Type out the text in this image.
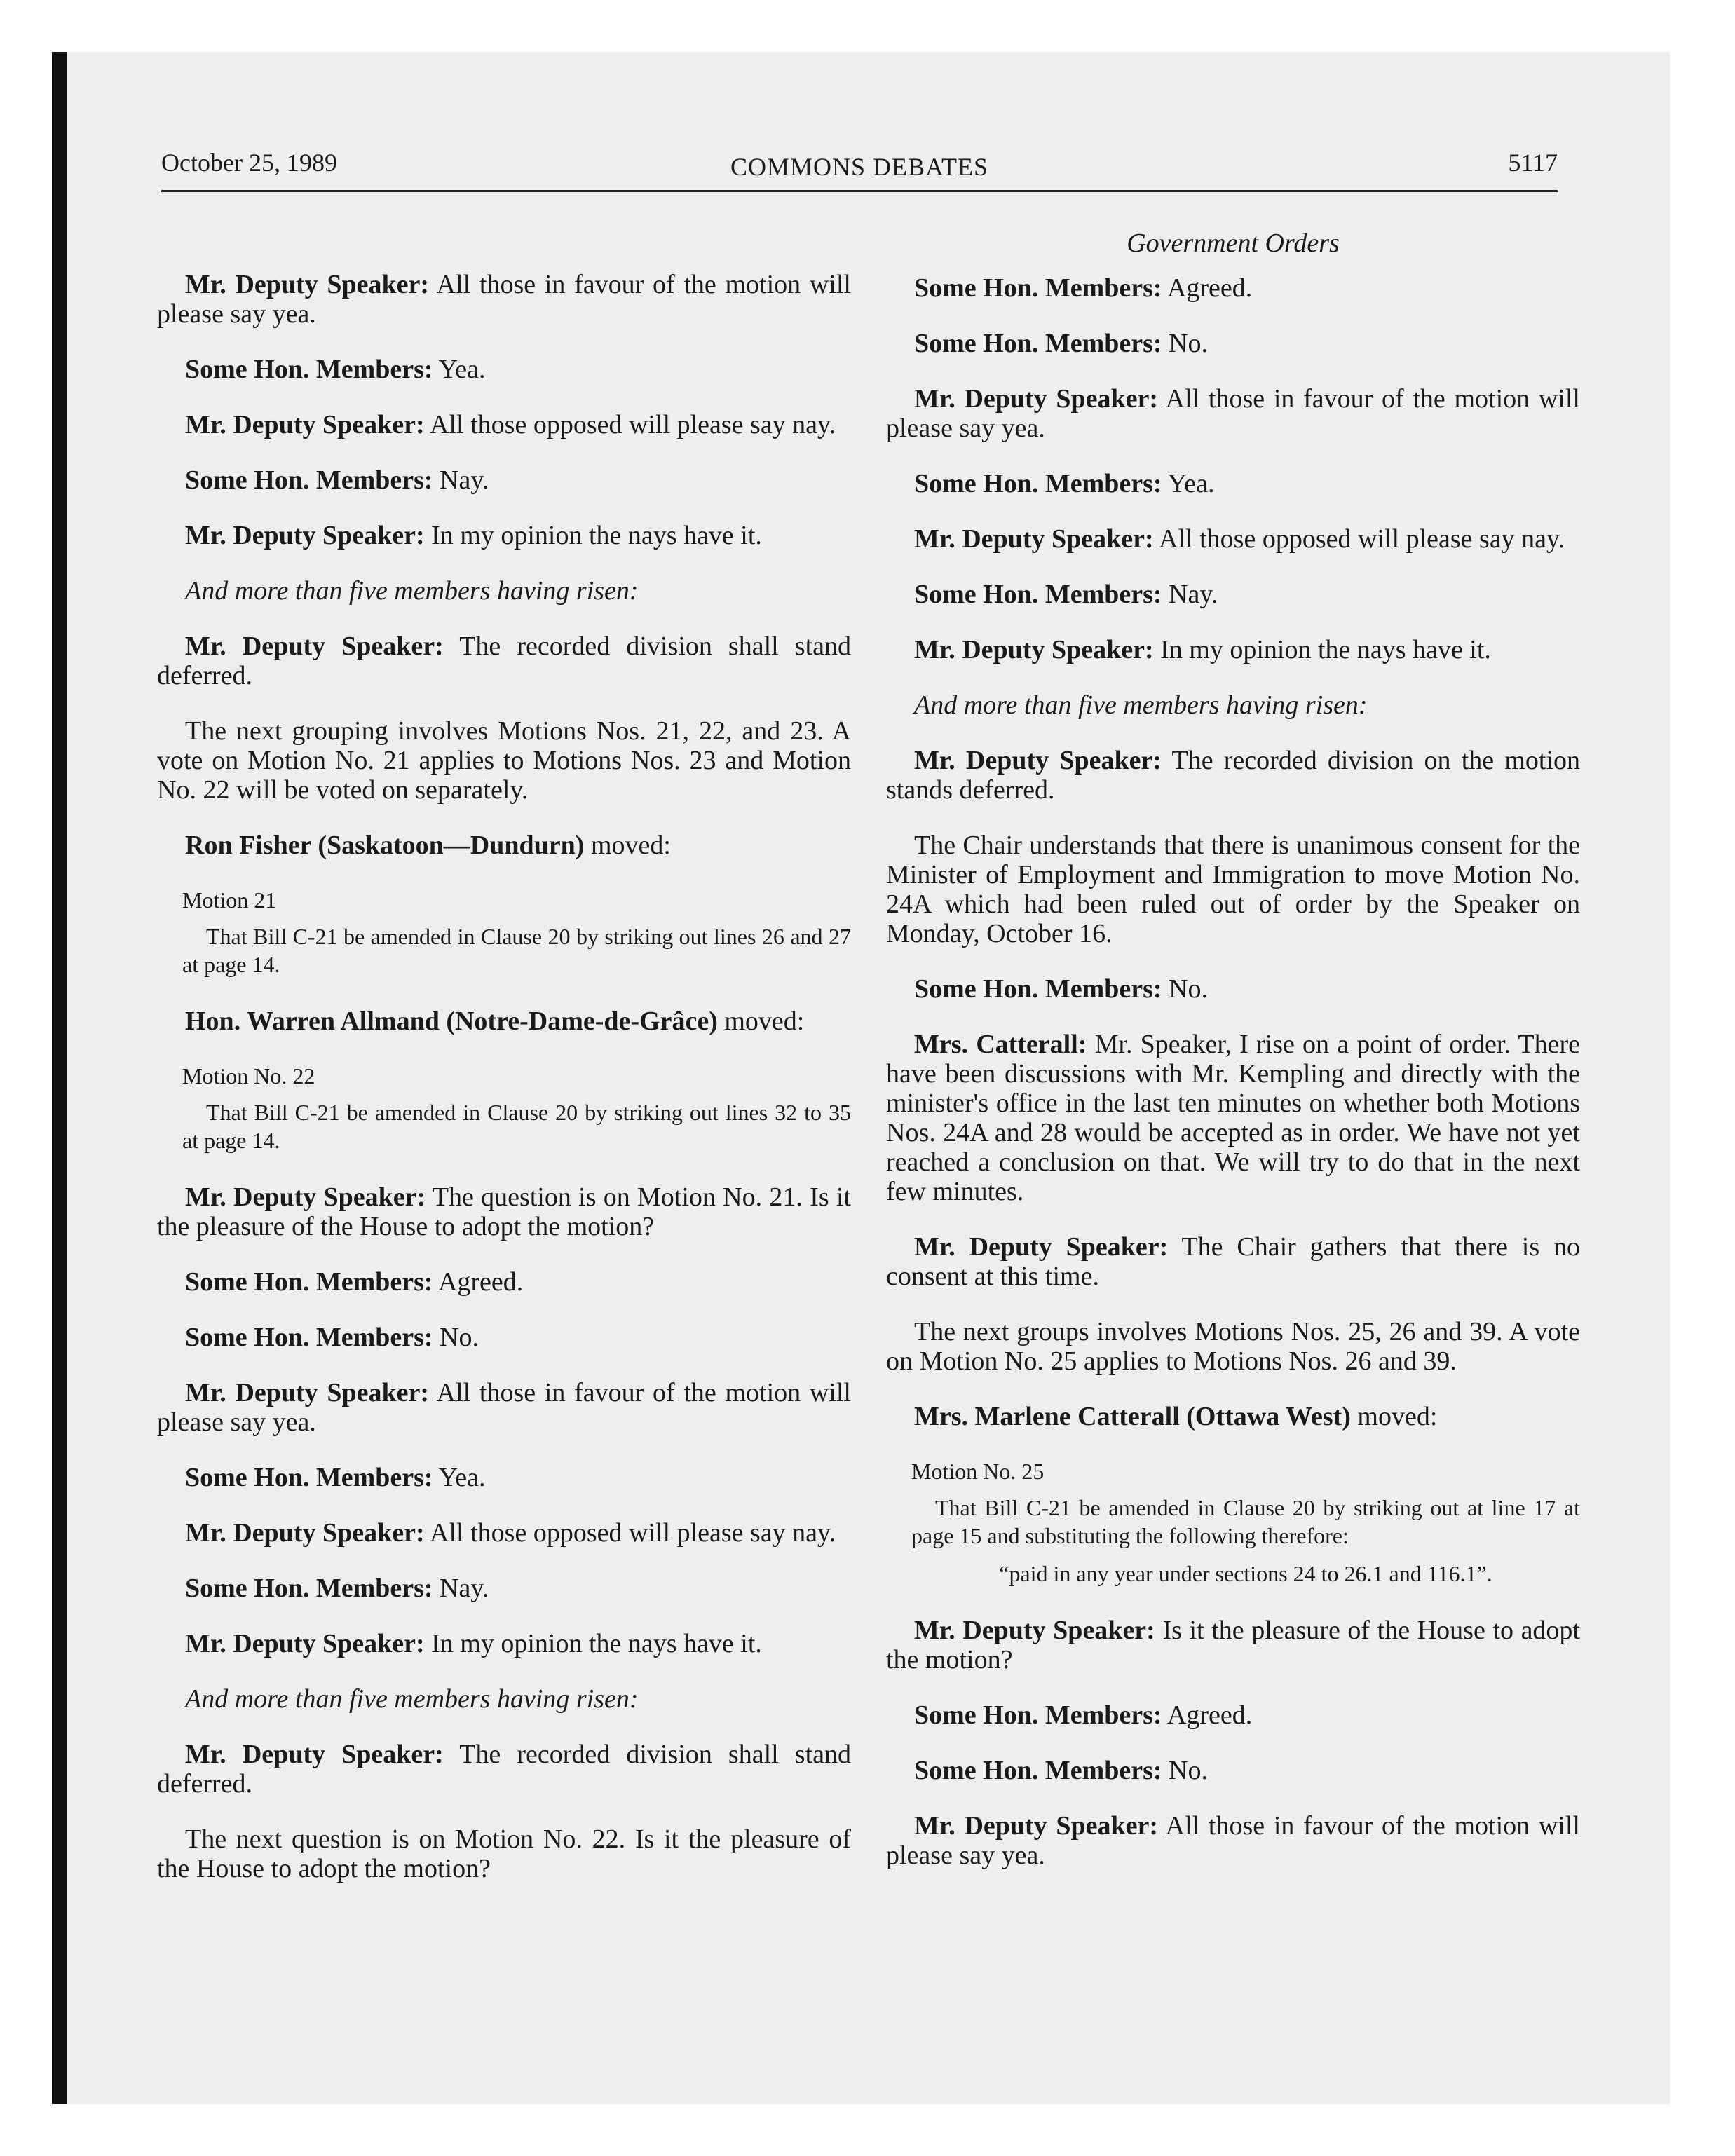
October 25, 1989	COMMONS DEBATES	5117
Government Orders

Mr. Deputy Speaker: All those in favour of the motion will please say yea.

Some Hon. Members: Yea.

Mr. Deputy Speaker: All those opposed will please say nay.

Some Hon. Members: Nay.

Mr. Deputy Speaker: In my opinion the nays have it.

And more than five members having risen:

Mr. Deputy Speaker: The recorded division shall stand deferred.

The next grouping involves Motions Nos. 21, 22, and 23. A vote on Motion No. 21 applies to Motions Nos. 23 and Motion No. 22 will be voted on separately.

Ron Fisher (Saskatoon—Dundurn) moved:

Motion 21
That Bill C-21 be amended in Clause 20 by striking out lines 26 and 27 at page 14.

Hon. Warren Allmand (Notre-Dame-de-Grâce) moved:

Motion No. 22
That Bill C-21 be amended in Clause 20 by striking out lines 32 to 35 at page 14.

Mr. Deputy Speaker: The question is on Motion No. 21. Is it the pleasure of the House to adopt the motion?

Some Hon. Members: Agreed.

Some Hon. Members: No.

Mr. Deputy Speaker: All those in favour of the motion will please say yea.

Some Hon. Members: Yea.

Mr. Deputy Speaker: All those opposed will please say nay.

Some Hon. Members: Nay.

Mr. Deputy Speaker: In my opinion the nays have it.

And more than five members having risen:

Mr. Deputy Speaker: The recorded division shall stand deferred.

The next question is on Motion No. 22. Is it the pleasure of the House to adopt the motion?

Some Hon. Members: Agreed.

Some Hon. Members: No.

Mr. Deputy Speaker: All those in favour of the motion will please say yea.

Some Hon. Members: Yea.

Mr. Deputy Speaker: All those opposed will please say nay.

Some Hon. Members: Nay.

Mr. Deputy Speaker: In my opinion the nays have it.

And more than five members having risen:

Mr. Deputy Speaker: The recorded division on the motion stands deferred.

The Chair understands that there is unanimous consent for the Minister of Employment and Immigration to move Motion No. 24A which had been ruled out of order by the Speaker on Monday, October 16.

Some Hon. Members: No.

Mrs. Catterall: Mr. Speaker, I rise on a point of order. There have been discussions with Mr. Kempling and directly with the minister's office in the last ten minutes on whether both Motions Nos. 24A and 28 would be accepted as in order. We have not yet reached a conclusion on that. We will try to do that in the next few minutes.

Mr. Deputy Speaker: The Chair gathers that there is no consent at this time.

The next groups involves Motions Nos. 25, 26 and 39. A vote on Motion No. 25 applies to Motions Nos. 26 and 39.

Mrs. Marlene Catterall (Ottawa West) moved:

Motion No. 25
That Bill C-21 be amended in Clause 20 by striking out at line 17 at page 15 and substituting the following therefore:
“paid in any year under sections 24 to 26.1 and 116.1”.

Mr. Deputy Speaker: Is it the pleasure of the House to adopt the motion?

Some Hon. Members: Agreed.

Some Hon. Members: No.

Mr. Deputy Speaker: All those in favour of the motion will please say yea.
